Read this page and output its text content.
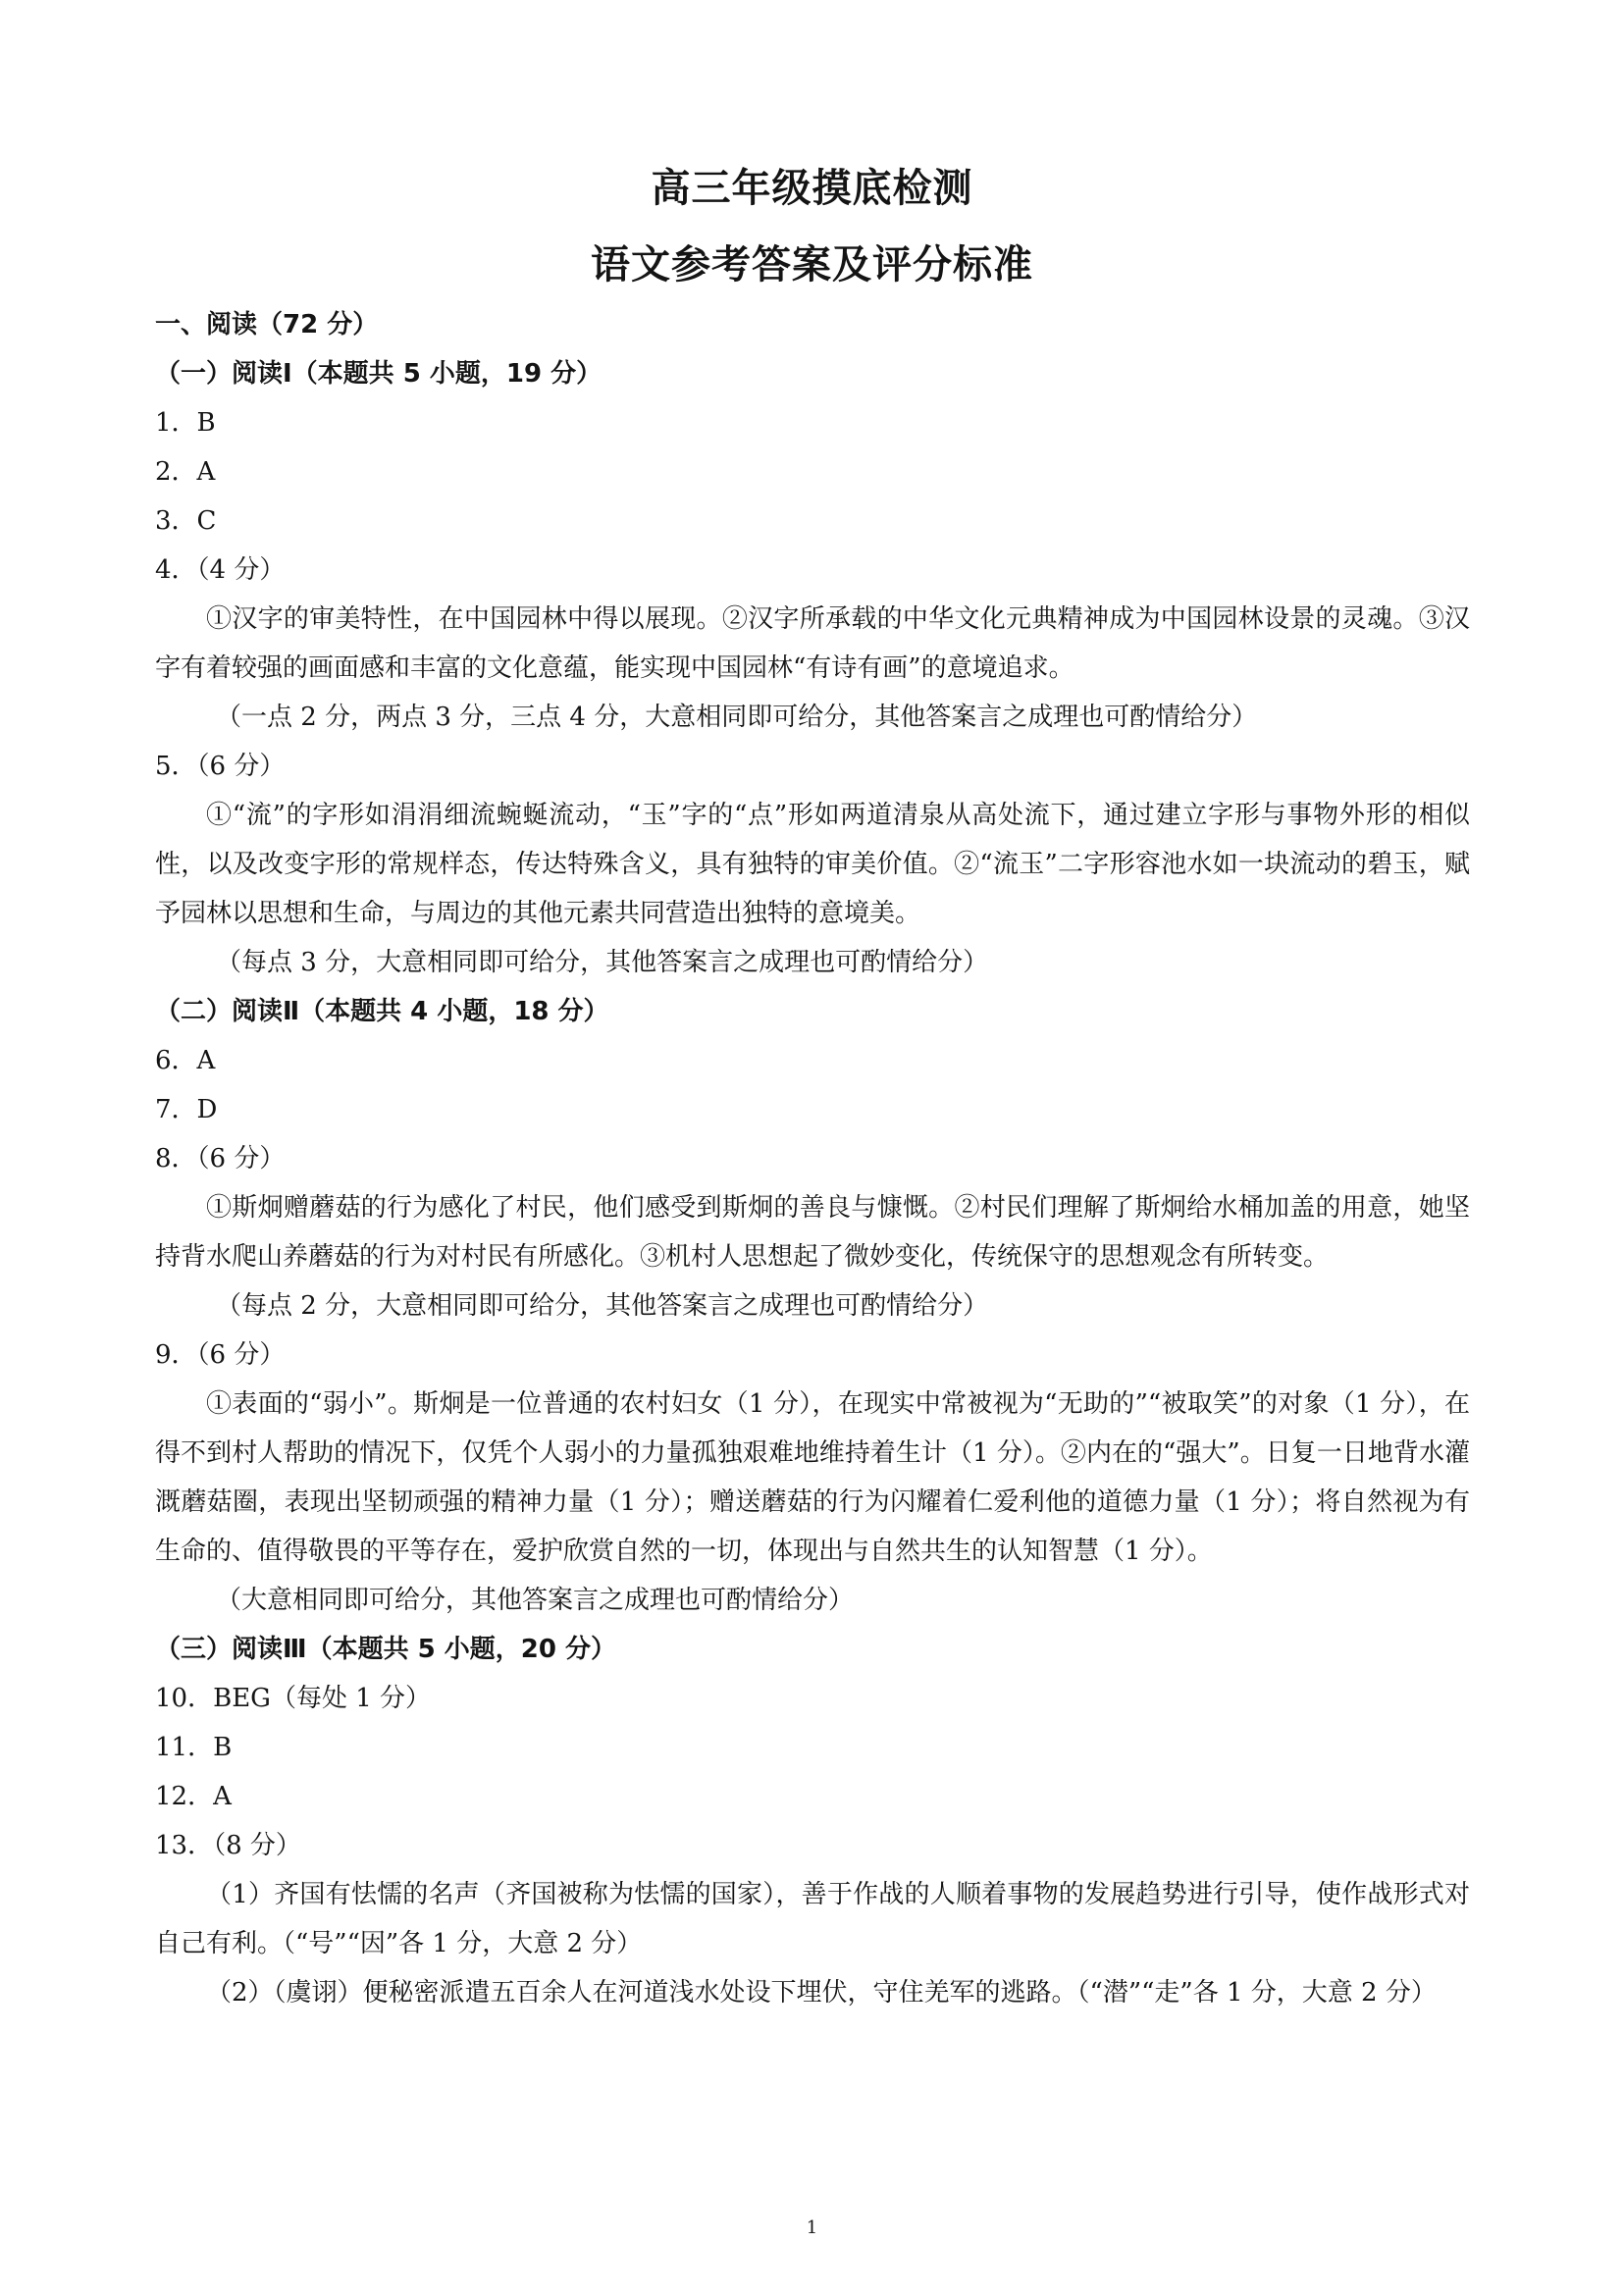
高三年级摸底检测
语文参考答案及评分标准
一、阅读（72 分）
（一）阅读Ⅰ（本题共 5 小题，19 分）
1．B
2．A
3．C
4．（4 分）
①汉字的审美特性，在中国园林中得以展现。②汉字所承载的中华文化元典精神成为中国园林设景的灵魂。③汉字有着较强的画面感和丰富的文化意蕴，能实现中国园林“有诗有画”的意境追求。
（一点 2 分，两点 3 分，三点 4 分，大意相同即可给分，其他答案言之成理也可酌情给分）
5．（6 分）
①“流”的字形如涓涓细流蜿蜒流动，“玉”字的“点”形如两道清泉从高处流下，通过建立字形与事物外形的相似性，以及改变字形的常规样态，传达特殊含义，具有独特的审美价值。②“流玉”二字形容池水如一块流动的碧玉，赋予园林以思想和生命，与周边的其他元素共同营造出独特的意境美。
（每点 3 分，大意相同即可给分，其他答案言之成理也可酌情给分）
（二）阅读Ⅱ（本题共 4 小题，18 分）
6．A
7．D
8．（6 分）
①斯炯赠蘑菇的行为感化了村民，他们感受到斯炯的善良与慷慨。②村民们理解了斯炯给水桶加盖的用意，她坚持背水爬山养蘑菇的行为对村民有所感化。③机村人思想起了微妙变化，传统保守的思想观念有所转变。
（每点 2 分，大意相同即可给分，其他答案言之成理也可酌情给分）
9．（6 分）
①表面的“弱小”。斯炯是一位普通的农村妇女（1 分），在现实中常被视为“无助的”“被取笑”的对象（1 分），在得不到村人帮助的情况下，仅凭个人弱小的力量孤独艰难地维持着生计（1 分）。②内在的“强大”。日复一日地背水灌溉蘑菇圈，表现出坚韧顽强的精神力量（1 分）；赠送蘑菇的行为闪耀着仁爱利他的道德力量（1 分）；将自然视为有生命的、值得敬畏的平等存在，爱护欣赏自然的一切，体现出与自然共生的认知智慧（1 分）。
（大意相同即可给分，其他答案言之成理也可酌情给分）
（三）阅读Ⅲ（本题共 5 小题，20 分）
10．BEG（每处 1 分）
11．B
12．A
13．（8 分）
（1）齐国有怯懦的名声（齐国被称为怯懦的国家），善于作战的人顺着事物的发展趋势进行引导，使作战形式对自己有利。（“号”“因”各 1 分，大意 2 分）
（2）（虞诩）便秘密派遣五百余人在河道浅水处设下埋伏，守住羌军的逃路。（“潜”“走”各 1 分，大意 2 分）
1
